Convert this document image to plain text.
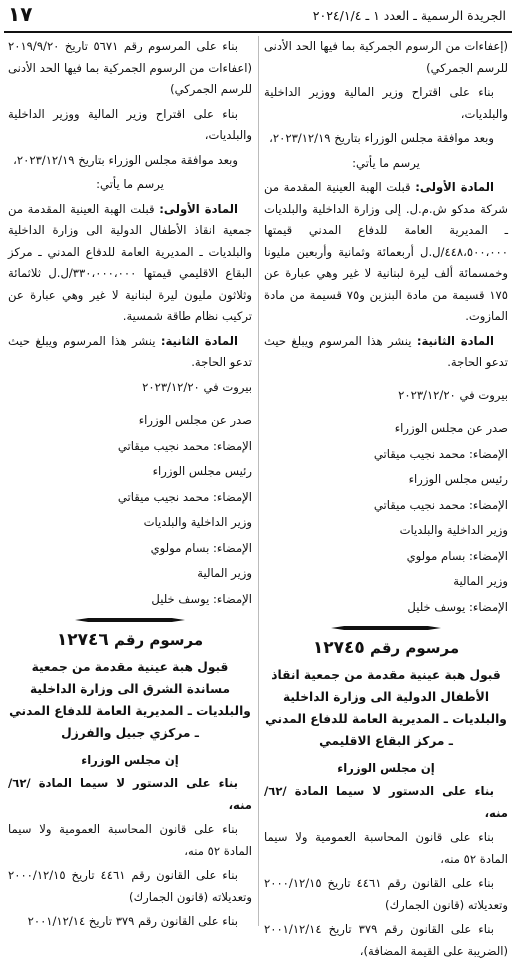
الجريدة الرسمية ـ العدد ١ ـ ٢٠٢٤/١/٤
١٧

(إعفاءات من الرسوم الجمركية بما فيها الحد الأدنى للرسم الجمركي)

بناء على اقتراح وزير المالية ووزير الداخلية والبلديات،

وبعد موافقة مجلس الوزراء بتاريخ ٢٠٢٣/١٢/١٩،

يرسم ما يأتي:

المادة الأولى: قبلت الهبة العينية المقدمة من شركة مدكو ش.م.ل. إلى وزارة الداخلية والبلديات ـ المديرية العامة للدفاع المدني قيمتها ٤٤٨،٥٠٠،٠٠٠/ل.ل أربعمائة وثمانية وأربعين مليونا وخمسمائة ألف ليرة لبنانية لا غير وهي عبارة عن ١٧٥ قسيمة من مادة البنزين و٧٥ قسيمة من مادة المازوت.

المادة الثانية: ينشر هذا المرسوم ويبلغ حيث تدعو الحاجة.

بيروت في ٢٠٢٣/١٢/٢٠

صدر عن مجلس الوزراء

الإمضاء: محمد نجيب ميقاتي

رئيس مجلس الوزراء

الإمضاء: محمد نجيب ميقاتي

وزير الداخلية والبلديات

الإمضاء: بسام مولوي

وزير المالية

الإمضاء: يوسف خليل

مرسوم رقم ١٢٧٤٥
قبول هبة عينية مقدمة من جمعية انقاذ الأطفال الدولية الى وزارة الداخلية والبلديات ـ المديرية العامة للدفاع المدني ـ مركز البقاع الاقليمي

إن مجلس الوزراء

بناء على الدستور لا سيما المادة /٦٢/ منه،

بناء على قانون المحاسبة العمومية ولا سيما المادة ٥٢ منه،

بناء على القانون رقم ٤٤٦١ تاريخ ٢٠٠٠/١٢/١٥ وتعديلاته (قانون الجمارك)

بناء على القانون رقم ٣٧٩ تاريخ ٢٠٠١/١٢/١٤ (الضريبة على القيمة المضافة)،

بناء على المرسوم رقم ٥٦٧١ تاريخ ٢٠١٩/٩/٢٠ (اعفاءات من الرسوم الجمركية بما فيها الحد الأدنى للرسم الجمركي)

بناء على اقتراح وزير المالية ووزير الداخلية والبلديات،

وبعد موافقة مجلس الوزراء بتاريخ ٢٠٢٣/١٢/١٩،

يرسم ما يأتي:

المادة الأولى: قبلت الهبة العينية المقدمة من جمعية انقاذ الأطفال الدولية الى وزارة الداخلية والبلديات ـ المديرية العامة للدفاع المدني ـ مركز البقاع الاقليمي قيمتها ٣٣٠،٠٠٠،٠٠٠/ل.ل ثلاثمائة وثلاثون مليون ليرة لبنانية لا غير وهي عبارة عن تركيب نظام طاقة شمسية.

المادة الثانية: ينشر هذا المرسوم ويبلغ حيث تدعو الحاجة.

بيروت في ٢٠٢٣/١٢/٢٠

صدر عن مجلس الوزراء

الإمضاء: محمد نجيب ميقاتي

رئيس مجلس الوزراء

الإمضاء: محمد نجيب ميقاتي

وزير الداخلية والبلديات

الإمضاء: بسام مولوي

وزير المالية

الإمضاء: يوسف خليل

مرسوم رقم ١٢٧٤٦
قبول هبة عينية مقدمة من جمعية مساندة الشرق الى وزارة الداخلية والبلديات ـ المديرية العامة للدفاع المدني ـ مركزي جبيل والفرزل

إن مجلس الوزراء

بناء على الدستور لا سيما المادة /٦٢/ منه،

بناء على قانون المحاسبة العمومية ولا سيما المادة ٥٢ منه،

بناء على القانون رقم ٤٤٦١ تاريخ ٢٠٠٠/١٢/١٥ وتعديلاته (قانون الجمارك)

بناء على القانون رقم ٣٧٩ تاريخ ٢٠٠١/١٢/١٤
